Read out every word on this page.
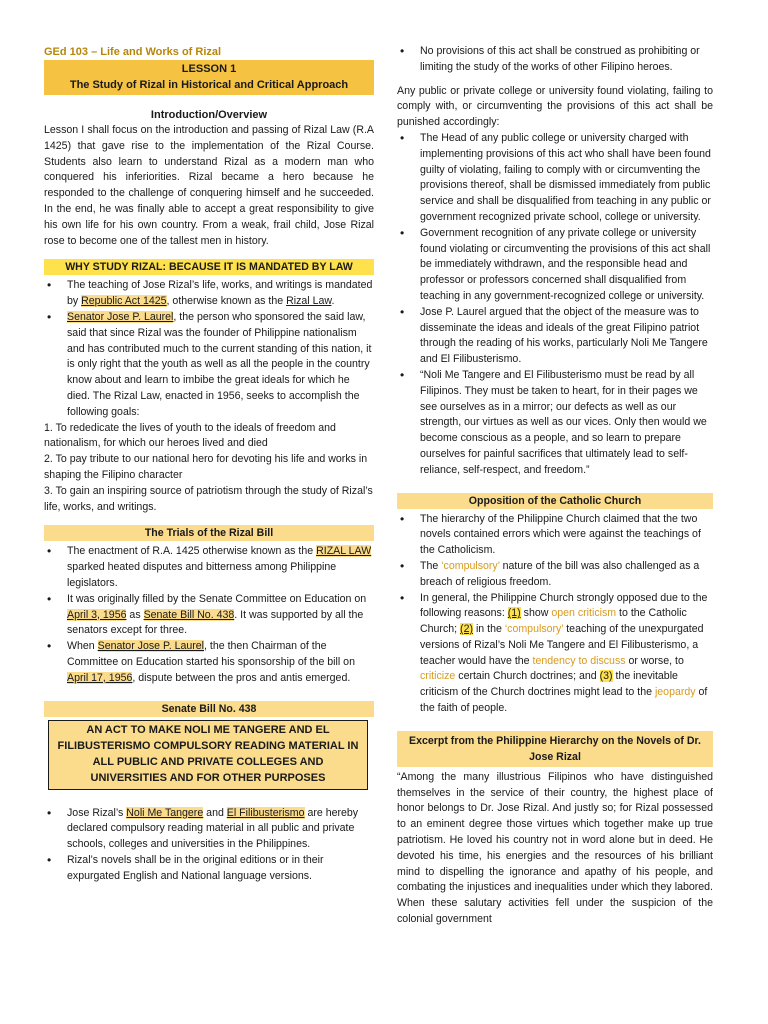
GEd 103 – Life and Works of Rizal
LESSON 1
The Study of Rizal in Historical and Critical Approach
Introduction/Overview

Lesson I shall focus on the introduction and passing of Rizal Law (R.A 1425) that gave rise to the implementation of the Rizal Course. Students also learn to understand Rizal as a modern man who conquered his inferiorities. Rizal became a hero because he responded to the challenge of conquering himself and he succeeded. In the end, he was finally able to accept a great responsibility to give his own life for his own country. From a weak, frail child, Jose Rizal rose to become one of the tallest men in history.

WHY STUDY RIZAL: BECAUSE IT IS MANDATED BY LAW
• The teaching of Jose Rizal’s life, works, and writings is mandated by Republic Act 1425, otherwise known as the Rizal Law.
• Senator Jose P. Laurel, the person who sponsored the said law, said that since Rizal was the founder of Philippine nationalism and has contributed much to the current standing of this nation, it is only right that the youth as well as all the people in the country know about and learn to imbibe the great ideals for which he died. The Rizal Law, enacted in 1956, seeks to accomplish the following goals:

1. To rededicate the lives of youth to the ideals of freedom and nationalism, for which our heroes lived and died

2. To pay tribute to our national hero for devoting his life and works in shaping the Filipino character

3. To gain an inspiring source of patriotism through the study of Rizal’s life, works, and writings.

The Trials of the Rizal Bill
• The enactment of R.A. 1425 otherwise known as the RIZAL LAW sparked heated disputes and bitterness among Philippine legislators.
• It was originally filled by the Senate Committee on Education on April 3, 1956 as Senate Bill No. 438. It was supported by all the senators except for three.
• When Senator Jose P. Laurel, the then Chairman of the Committee on Education started his sponsorship of the bill on April 17, 1956, dispute between the pros and antis emerged.
Senate Bill No. 438
AN ACT TO MAKE NOLI ME TANGERE AND EL FILIBUSTERISMO COMPULSORY READING MATERIAL IN ALL PUBLIC AND PRIVATE COLLEGES AND UNIVERSITIES AND FOR OTHER PURPOSES
• Jose Rizal’s Noli Me Tangere and El Filibusterismo are hereby declared compulsory reading material in all public and private schools, colleges and universities in the Philippines.
• Rizal’s novels shall be in the original editions or in their expurgated English and National language versions.
• No provisions of this act shall be construed as prohibiting or limiting the study of the works of other Filipino heroes.

Any public or private college or university found violating, failing to comply with, or circumventing the provisions of this act shall be punished accordingly:

• The Head of any public college or university charged with implementing provisions of this act who shall have been found guilty of violating, failing to comply with or circumventing the provisions thereof, shall be dismissed immediately from public service and shall be disqualified from teaching in any public or government recognized private school, college or university.
• Government recognition of any private college or university found violating or circumventing the provisions of this act shall be immediately withdrawn, and the responsible head and professor or professors concerned shall disqualified from teaching in any government-recognized college or university.
• Jose P. Laurel argued that the object of the measure was to disseminate the ideas and ideals of the great Filipino patriot through the reading of his works, particularly Noli Me Tangere and El Filibusterismo.
• “Noli Me Tangere and El Filibusterismo must be read by all Filipinos. They must be taken to heart, for in their pages we see ourselves as in a mirror; our defects as well as our strength, our virtues as well as our vices. Only then would we become conscious as a people, and so learn to prepare ourselves for painful sacrifices that ultimately lead to self-reliance, self-respect, and freedom.”
Opposition of the Catholic Church
• The hierarchy of the Philippine Church claimed that the two novels contained errors which were against the teachings of the Catholicism.
• The ‘compulsory’ nature of the bill was also challenged as a breach of religious freedom.
• In general, the Philippine Church strongly opposed due to the following reasons: (1) show open criticism to the Catholic Church; (2) in the ‘compulsory’ teaching of the unexpurgated versions of Rizal’s Noli Me Tangere and El Filibusterismo, a teacher would have the tendency to discuss or worse, to criticize certain Church doctrines; and (3) the inevitable criticism of the Church doctrines might lead to the jeopardy of the faith of people.
Excerpt from the Philippine Hierarchy on the Novels of Dr. Jose Rizal

“Among the many illustrious Filipinos who have distinguished themselves in the service of their country, the highest place of honor belongs to Dr. Jose Rizal. And justly so; for Rizal possessed to an eminent degree those virtues which together make up true patriotism. He loved his country not in word alone but in deed. He devoted his time, his energies and the resources of his brilliant mind to dispelling the ignorance and apathy of his people, and combating the injustices and inequalities under which they labored. When these salutary activities fell under the suspicion of the colonial government
